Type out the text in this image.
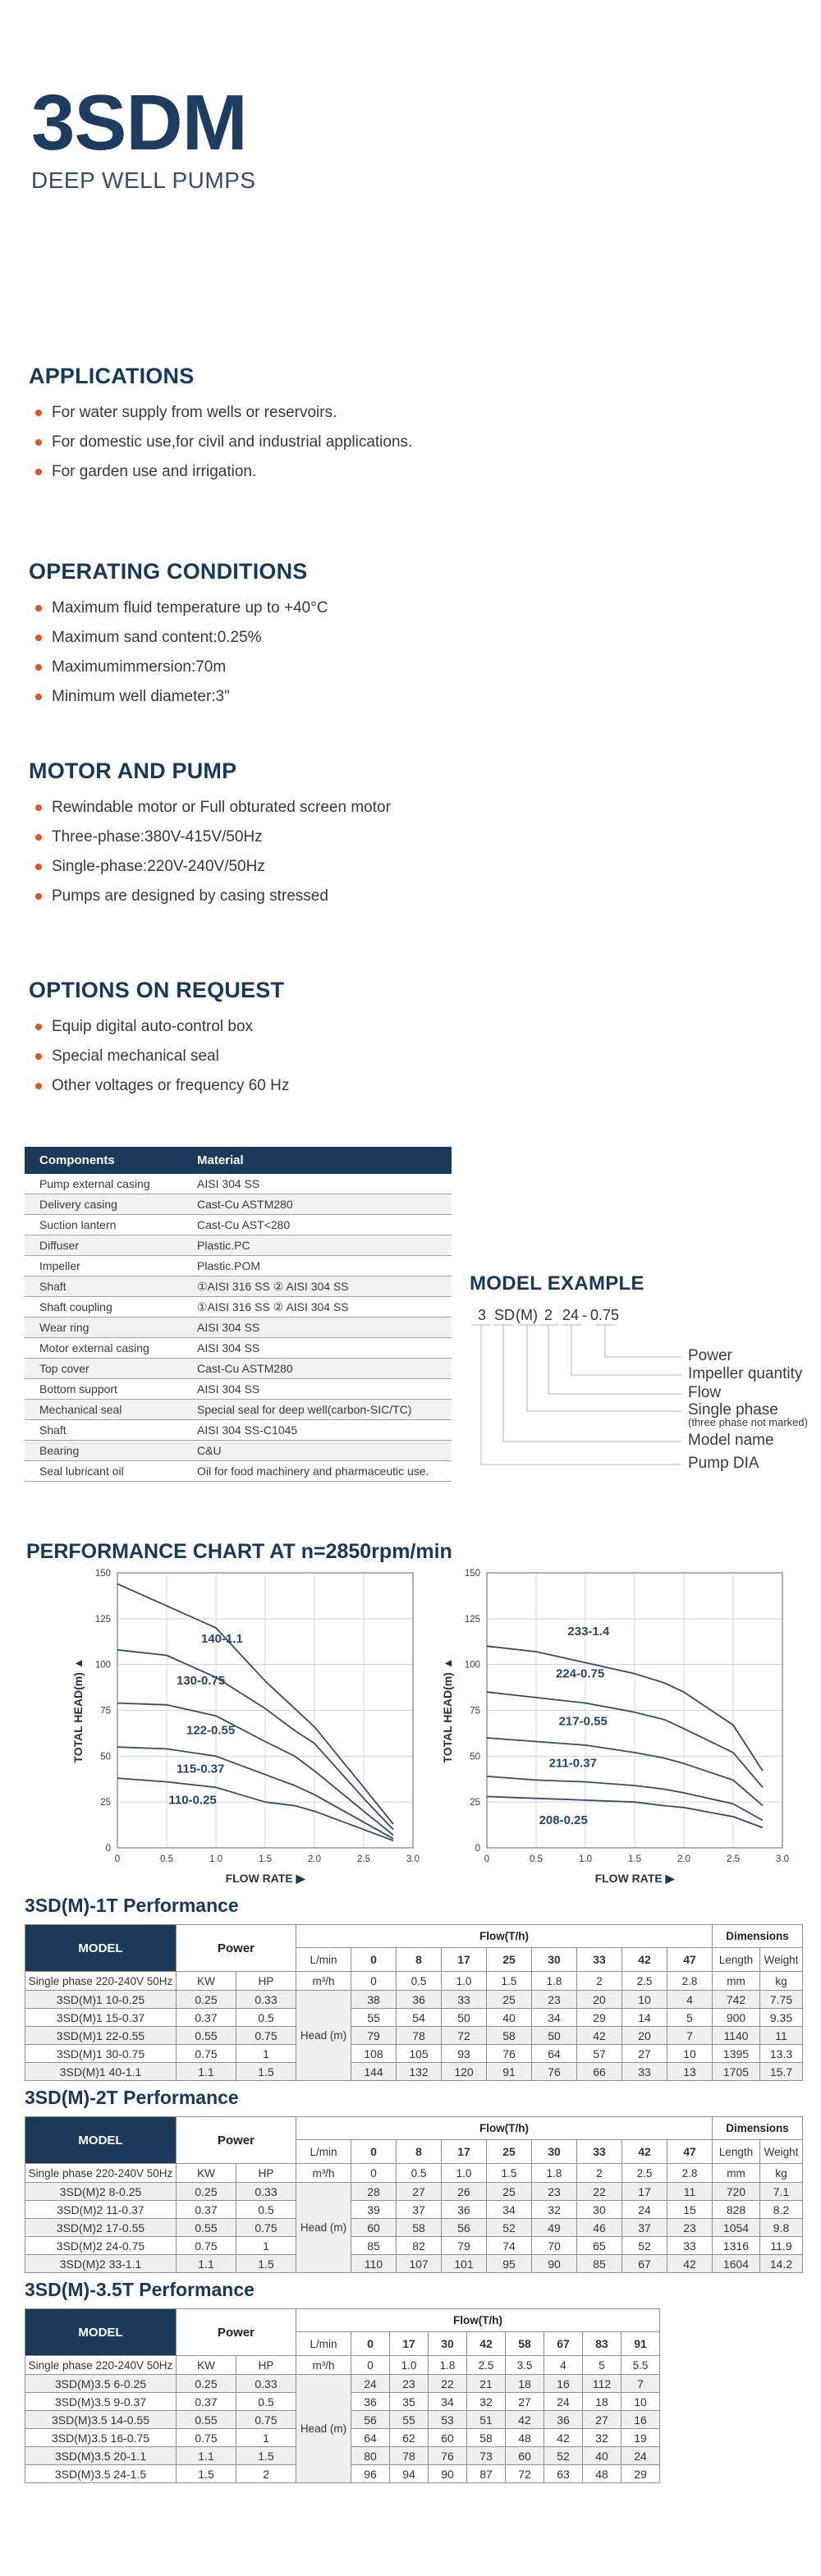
3SDM
DEEP WELL PUMPS
APPLICATIONS
For water supply from wells or reservoirs.
For domestic use,for civil and industrial applications.
For garden use and irrigation.
OPERATING CONDITIONS
Maximum fluid temperature up to +40°C
Maximum sand content:0.25%
Maximumimmersion:70m
Minimum well diameter:3"
MOTOR AND PUMP
Rewindable motor or Full obturated screen motor
Three-phase:380V-415V/50Hz
Single-phase:220V-240V/50Hz
Pumps are designed by casing stressed
OPTIONS ON REQUEST
Equip digital auto-control box
Special mechanical seal
Other voltages or frequency 60 Hz
Components	Material
Pump external casing	AISI 304 SS
Delivery casing	Cast-Cu ASTM280
Suction lantern	Cast-Cu AST<280
Diffuser	Plastic.PC
Impeller	Plastic.POM
Shaft	①AISI 316 SS ② AISI 304 SS
Shaft coupling	①AISI 316 SS ② AISI 304 SS
Wear ring	AISI 304 SS
Motor external casing	AISI 304 SS
Top cover	Cast-Cu ASTM280
Bottom support	AISI 304 SS
Mechanical seal	Special seal for deep well(carbon-SIC/TC)
Shaft	AISI 304 SS-C1045
Bearing	C&U
Seal lubricant oil	Oil for food machinery and pharmaceutic use.
MODEL EXAMPLE
3 SD (M) 2 24 - 0.75
Power
Impeller quantity
Flow
Single phase
Model name
Pump DIA
(three phase not marked)
PERFORMANCE CHART AT n=2850rpm/min
0
25
50
75
100
125
150
0	0.5	1.0	1.5	2.0	2.5	3.0
TOTAL HEAD(m) ▲
FLOW RATE ▶
140-1.1
130-0.75
122-0.55
115-0.37
110-0.25
0
25
50
75
100
125
150
0	0.5	1.0	1.5	2.0	2.5	3.0
TOTAL HEAD(m) ▲
FLOW RATE ▶
233-1.4
224-0.75
217-0.55
211-0.37
208-0.25
3SD(M)-1T Performance
MODEL	Power		Flow(T/h)									Dimensions	
			L/min	0	8	17	25	30	33	42	47	Length	Weight
Single phase 220-240V 50Hz	KW	HP	m³/h	0	0.5	1.0	1.5	1.8	2	2.5	2.8	mm	kg
3SD(M)1 10-0.25	0.25	0.33	Head (m)	38	36	33	25	23	20	10	4	742	7.75
3SD(M)1 15-0.37	0.37	0.5		55	54	50	40	34	29	14	5	900	9.35
3SD(M)1 22-0.55	0.55	0.75		79	78	72	58	50	42	20	7	1140	11
3SD(M)1 30-0.75	0.75	1		108	105	93	76	64	57	27	10	1395	13.3
3SD(M)1 40-1.1	1.1	1.5		144	132	120	91	76	66	33	13	1705	15.7
3SD(M)-2T Performance
MODEL	Power		Flow(T/h)									Dimensions	
			L/min	0	8	17	25	30	33	42	47	Length	Weight
Single phase 220-240V 50Hz	KW	HP	m³/h	0	0.5	1.0	1.5	1.8	2	2.5	2.8	mm	kg
3SD(M)2 8-0.25	0.25	0.33	Head (m)	28	27	26	25	23	22	17	11	720	7.1
3SD(M)2 11-0.37	0.37	0.5		39	37	36	34	32	30	24	15	828	8.2
3SD(M)2 17-0.55	0.55	0.75		60	58	56	52	49	46	37	23	1054	9.8
3SD(M)2 24-0.75	0.75	1		85	82	79	74	70	65	52	33	1316	11.9
3SD(M)2 33-1.1	1.1	1.5		110	107	101	95	90	85	67	42	1604	14.2
3SD(M)-3.5T Performance
MODEL	Power		Flow(T/h)								
			L/min	0	17	30	42	58	67	83	91
Single phase 220-240V 50Hz	KW	HP	m³/h	0	1.0	1.8	2.5	3.5	4	5	5.5
3SD(M)3.5 6-0.25	0.25	0.33	Head (m)	24	23	22	21	18	16	112	7
3SD(M)3.5 9-0.37	0.37	0.5		36	35	34	32	27	24	18	10
3SD(M)3.5 14-0.55	0.55	0.75		56	55	53	51	42	36	27	16
3SD(M)3.5 16-0.75	0.75	1		64	62	60	58	48	42	32	19
3SD(M)3.5 20-1.1	1.1	1.5		80	78	76	73	60	52	40	24
3SD(M)3.5 24-1.5	1.5	2		96	94	90	87	72	63	48	29
